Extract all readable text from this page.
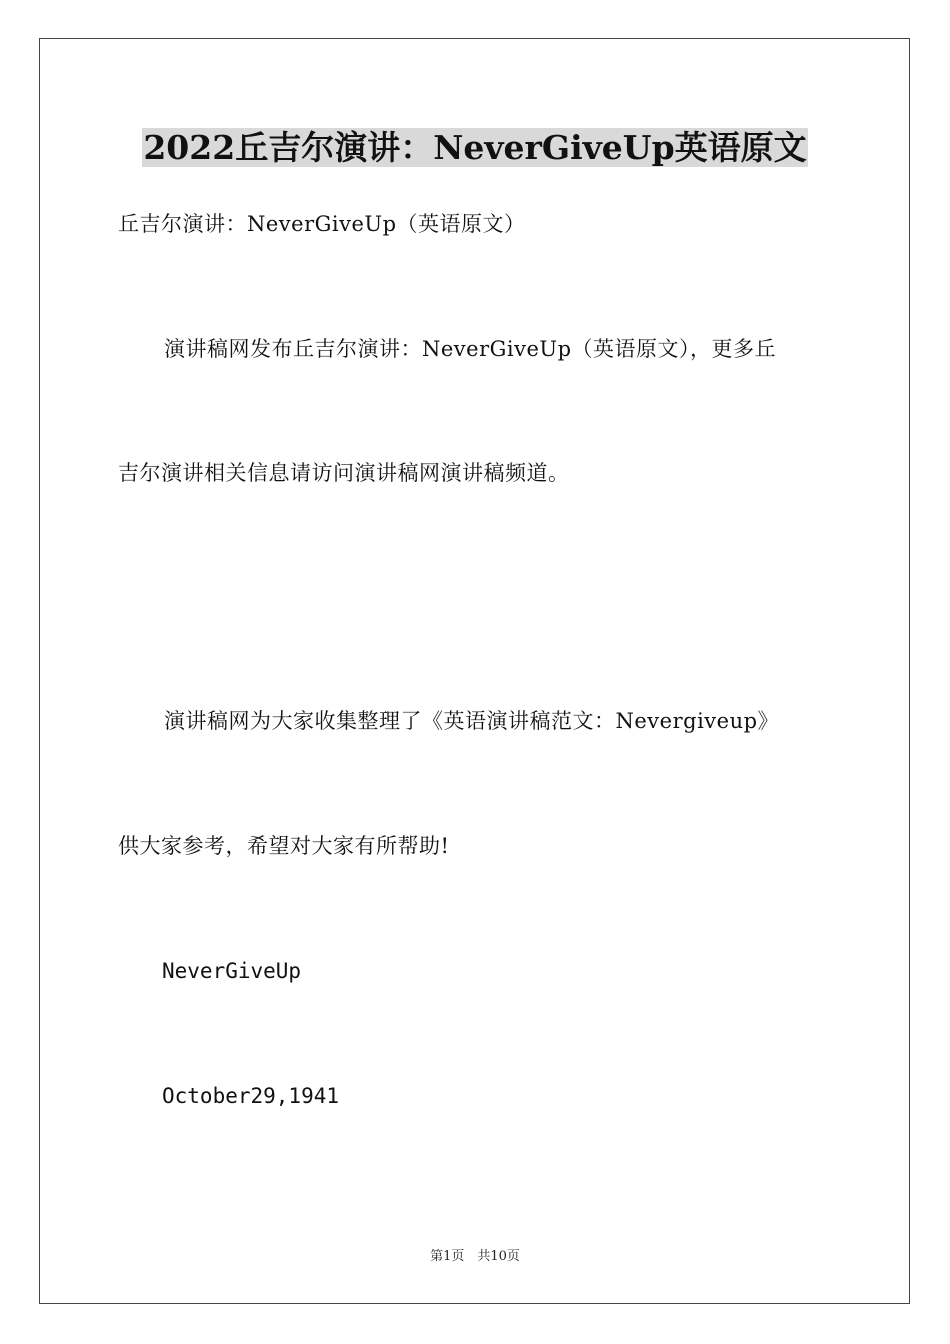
2022丘吉尔演讲：NeverGiveUp英语原文
丘吉尔演讲：NeverGiveUp（英语原文）
演讲稿网发布丘吉尔演讲：NeverGiveUp（英语原文），更多丘
吉尔演讲相关信息请访问演讲稿网演讲稿频道。
演讲稿网为大家收集整理了《英语演讲稿范文：Nevergiveup》
供大家参考，希望对大家有所帮助!
NeverGiveUp
October29,1941
第1页　共10页
